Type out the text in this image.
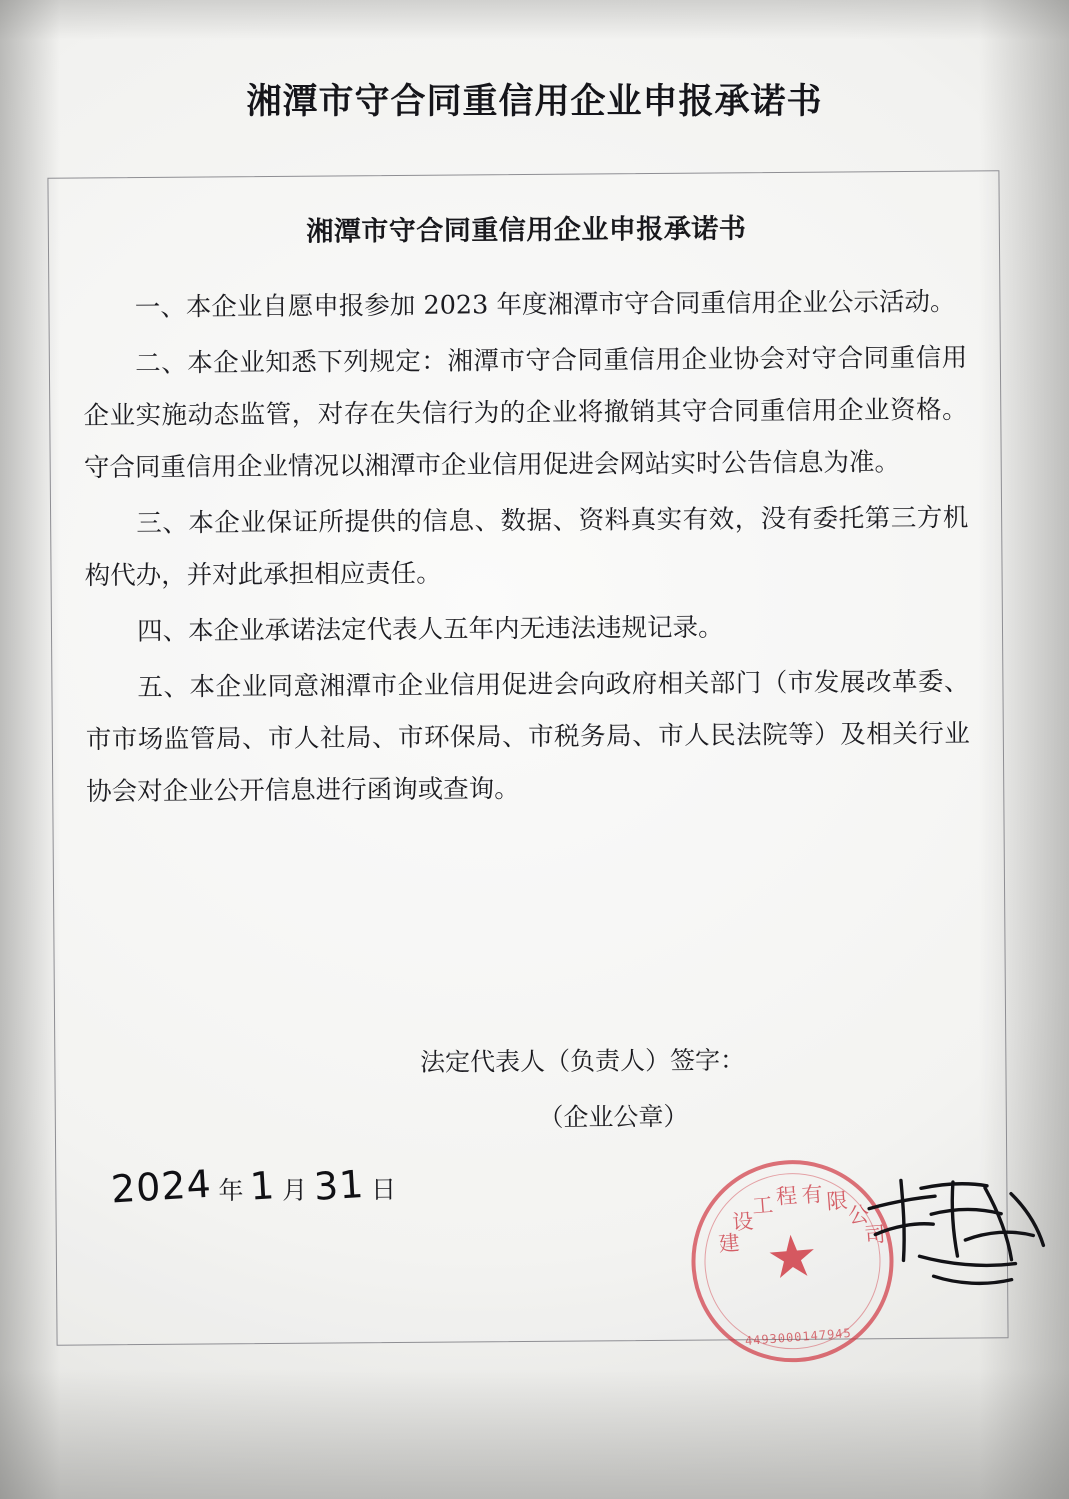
湘潭市守合同重信用企业申报承诺书
湘潭市守合同重信用企业申报承诺书

一、本企业自愿申报参加 2023 年度湘潭市守合同重信用企业公示活动。

二、本企业知悉下列规定：湘潭市守合同重信用企业协会对守合同重信用企业实施动态监管，对存在失信行为的企业将撤销其守合同重信用企业资格。守合同重信用企业情况以湘潭市企业信用促进会网站实时公告信息为准。

三、本企业保证所提供的信息、数据、资料真实有效，没有委托第三方机构代办，并对此承担相应责任。

四、本企业承诺法定代表人五年内无违法违规记录。

五、本企业同意湘潭市企业信用促进会向政府相关部门（市发展改革委、市市场监管局、市人社局、市环保局、市税务局、市人民法院等）及相关行业协会对企业公开信息进行函询或查询。

法定代表人（负责人）签字：
（企业公章）
2024 年 1 月 31 日
建
设
工 程 有 限
公
司
★
4493000147945
